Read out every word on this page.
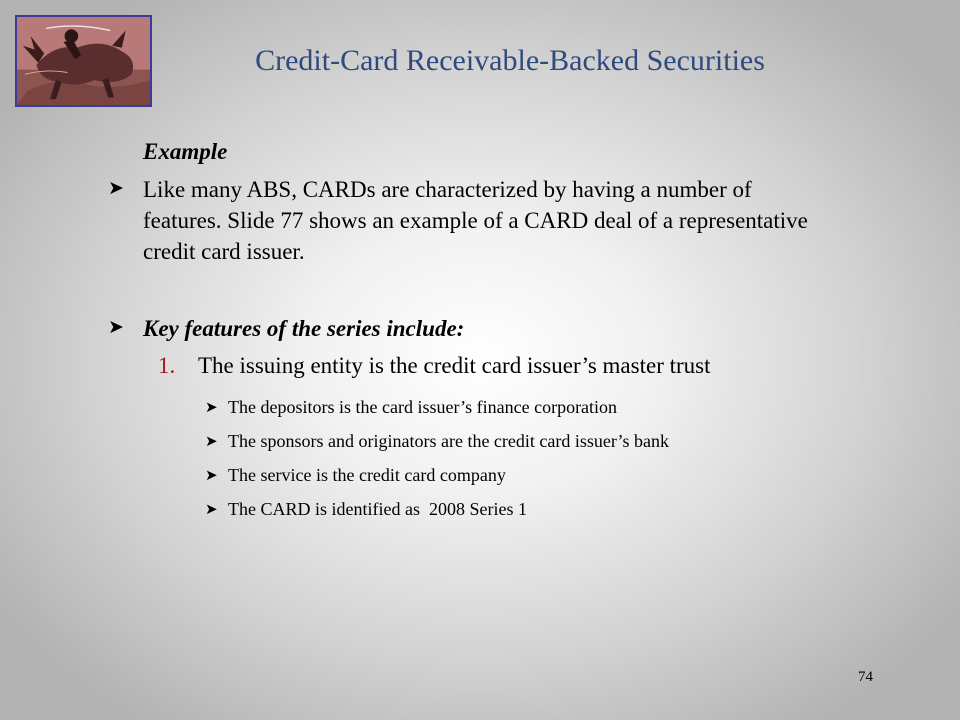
Credit-Card Receivable-Backed Securities
Example
➤ Like many ABS, CARDs are characterized by having a number of features. Slide 77 shows an example of a CARD deal of a representative credit card issuer.
➤ Key features of the series include:
1. The issuing entity is the credit card issuer’s master trust
➤ The depositors is the card issuer’s finance corporation
➤ The sponsors and originators are the credit card issuer’s bank
➤ The service is the credit card company
➤ The CARD is identified as  2008 Series 1
74
